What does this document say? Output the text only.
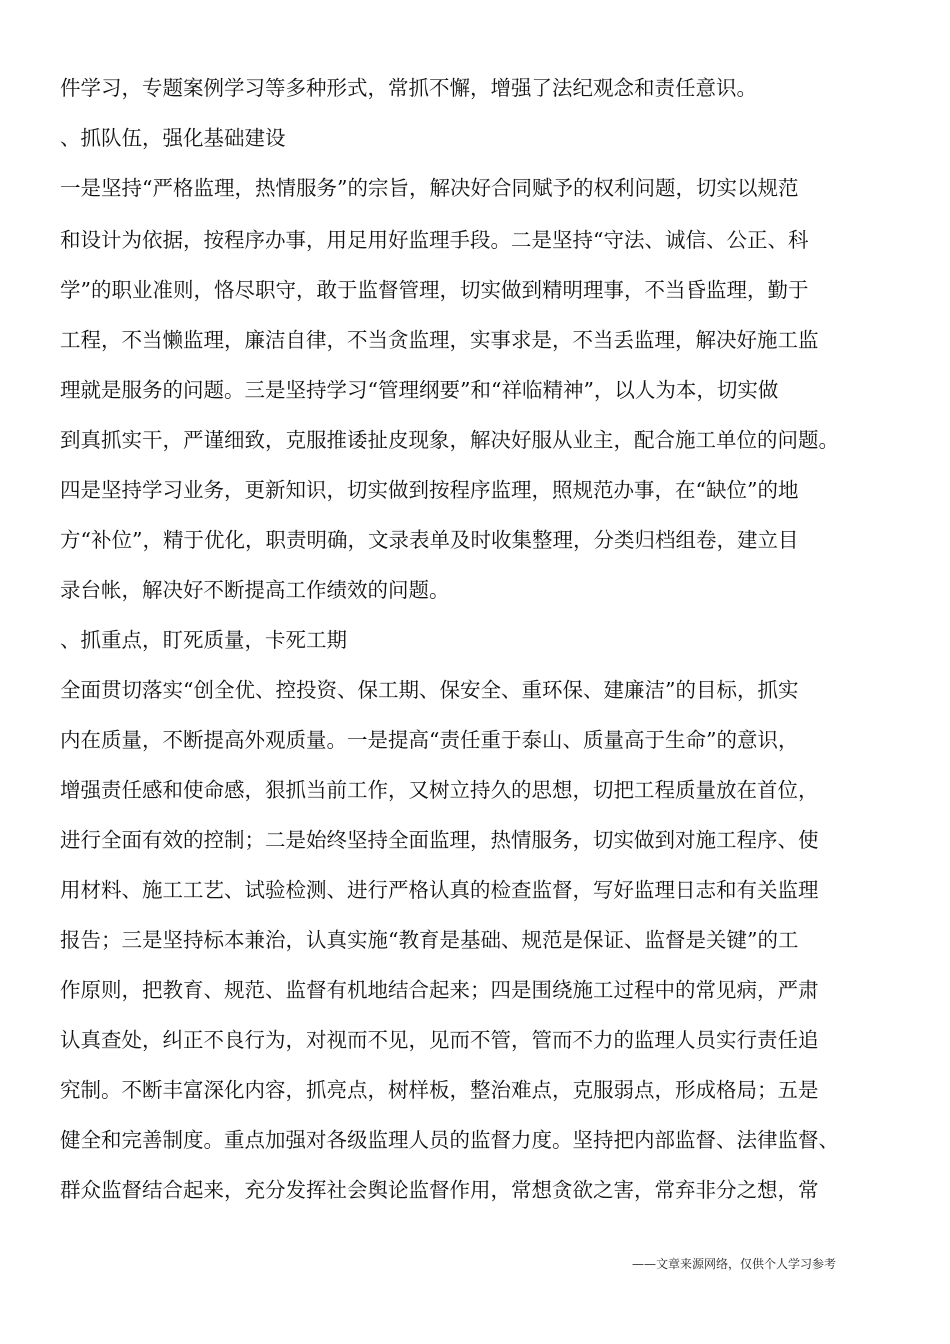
件学习，专题案例学习等多种形式，常抓不懈，增强了法纪观念和责任意识。
、抓队伍，强化基础建设
一是坚持“严格监理，热情服务”的宗旨，解决好合同赋予的权利问题，切实以规范
和设计为依据，按程序办事，用足用好监理手段。二是坚持“守法、诚信、公正、科
学”的职业准则，恪尽职守，敢于监督管理，切实做到精明理事，不当昏监理，勤于
工程，不当懒监理，廉洁自律，不当贪监理，实事求是，不当丢监理，解决好施工监
理就是服务的问题。三是坚持学习“管理纲要”和“祥临精神”，以人为本，切实做
到真抓实干，严谨细致，克服推诿扯皮现象，解决好服从业主，配合施工单位的问题。
四是坚持学习业务，更新知识，切实做到按程序监理，照规范办事，在“缺位”的地
方“补位”，精于优化，职责明确，文录表单及时收集整理，分类归档组卷，建立目
录台帐，解决好不断提高工作绩效的问题。
、抓重点，盯死质量，卡死工期
全面贯切落实“创全优、控投资、保工期、保安全、重环保、建廉洁”的目标，抓实
内在质量，不断提高外观质量。一是提高“责任重于泰山、质量高于生命”的意识，
增强责任感和使命感，狠抓当前工作，又树立持久的思想，切把工程质量放在首位，
进行全面有效的控制；二是始终坚持全面监理，热情服务，切实做到对施工程序、使
用材料、施工工艺、试验检测、进行严格认真的检查监督，写好监理日志和有关监理
报告；三是坚持标本兼治，认真实施“教育是基础、规范是保证、监督是关键”的工
作原则，把教育、规范、监督有机地结合起来；四是围绕施工过程中的常见病，严肃
认真查处，纠正不良行为，对视而不见，见而不管，管而不力的监理人员实行责任追
究制。不断丰富深化内容，抓亮点，树样板，整治难点，克服弱点，形成格局；五是
健全和完善制度。重点加强对各级监理人员的监督力度。坚持把内部监督、法律监督、
群众监督结合起来，充分发挥社会舆论监督作用，常想贪欲之害，常弃非分之想，常
——文章来源网络，仅供个人学习参考
